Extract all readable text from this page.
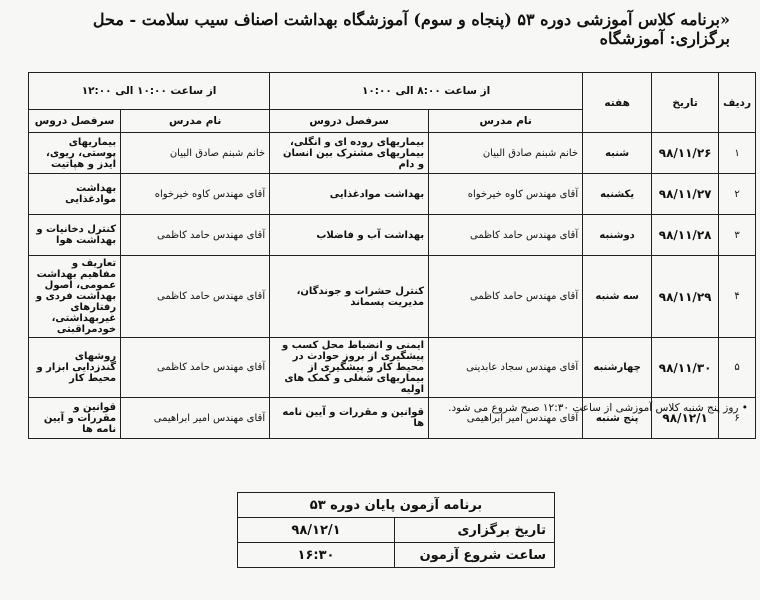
«برنامه کلاس آموزشی دوره ۵۳ (پنجاه و سوم) آموزشگاه بهداشت اصناف سیب سلامت - محل برگزاری: آموزشگاه
ردیف	تاریخ	هفته	از ساعت ۸:۰۰ الی ۱۰:۰۰		از ساعت ۱۰:۰۰ الی ۱۲:۰۰	
			نام مدرس	سرفصل دروس	نام مدرس	سرفصل دروس
۱	۹۸/۱۱/۲۶	شنبه	خانم شبنم صادق البیان	بیماریهای روده ای و انگلی، بیماریهای مشترک بین انسان و دام	خانم شبنم صادق البیان	بیماریهای پوستی، ریوی، ایدز و هپاتیت
۲	۹۸/۱۱/۲۷	یکشنبه	آقای مهندس کاوه خیرخواه	بهداشت موادغذایی	آقای مهندس کاوه خیرخواه	بهداشت موادغذایی
۳	۹۸/۱۱/۲۸	دوشنبه	آقای مهندس حامد کاظمی	بهداشت آب و فاضلاب	آقای مهندس حامد کاظمی	کنترل دخانیات و بهداشت هوا
۴	۹۸/۱۱/۲۹	سه شنبه	آقای مهندس حامد کاظمی	کنترل حشرات و جوندگان، مدیریت پسماند	آقای مهندس حامد کاظمی	تعاریف و مفاهیم بهداشت عمومی، اصول بهداشت فردی و رفتارهای غیربهداشتی، خودمراقبتی
۵	۹۸/۱۱/۳۰	چهارشنبه	آقای مهندس سجاد عابدینی	ایمنی و انضباط محل کسب و پیشگیری از بروز حوادث در محیط کار و پیشگیری از بیماریهای شغلی و کمک های اولیه	آقای مهندس حامد کاظمی	روشهای گندزدایی ابزار و محیط کار
۶	۹۸/۱۲/۱	پنج شنبه	آقای مهندس امیر ابراهیمی	قوانین و مقررات و آیین نامه ها	آقای مهندس امیر ابراهیمی	قوانین و مقررات و آیین نامه ها
• روز پنج شنبه کلاس آموزشی از ساعت ۱۲:۳۰ صبح شروع می شود.
برنامه آزمون پایان دوره ۵۳	
تاریخ برگزاری	۹۸/۱۲/۱
ساعت شروع آزمون	۱۶:۳۰
